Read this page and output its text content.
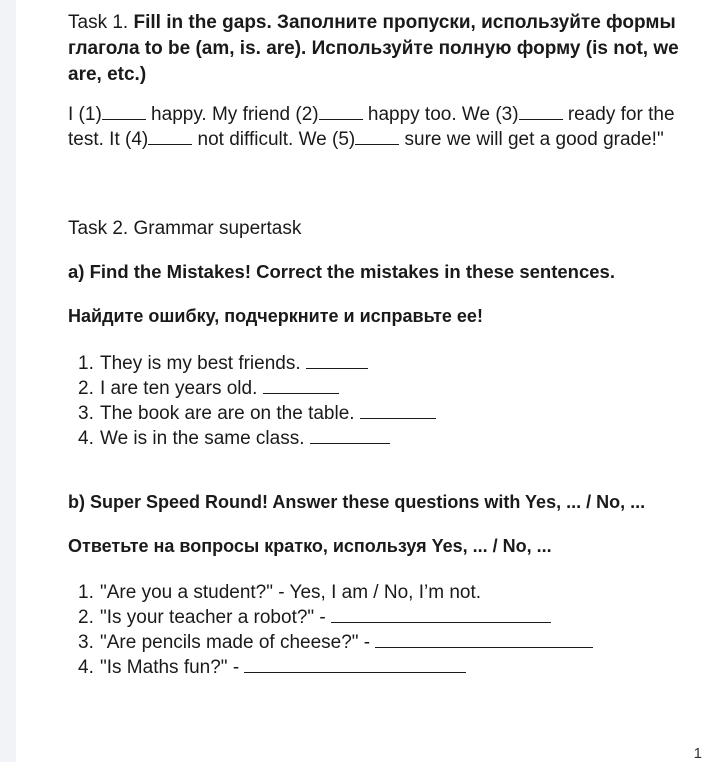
Task 1. Fill in the gaps. Заполните пропуски, используйте формы глагола to be (am, is. are). Используйте полную форму (is not, we are, etc.)

I (1) happy. My friend (2) happy too. We (3) ready for the test. It (4) not difficult. We (5) sure we will get a good grade!"

Task 2. Grammar supertask

a) Find the Mistakes! Correct the mistakes in these sentences.

Найдите ошибку, подчеркните и исправьте ее!

1. They is my best friends.
2. I are ten years old.
3. The book are are on the table.
4. We is in the same class.

b) Super Speed Round! Answer these questions with Yes, ... / No, ...

Ответьте на вопросы кратко, используя Yes, ... / No, ...

1. "Are you a student?" - Yes, I am / No, I’m not.
2. "Is your teacher a robot?" -
3. "Are pencils made of cheese?" -
4. "Is Maths fun?" -
1
